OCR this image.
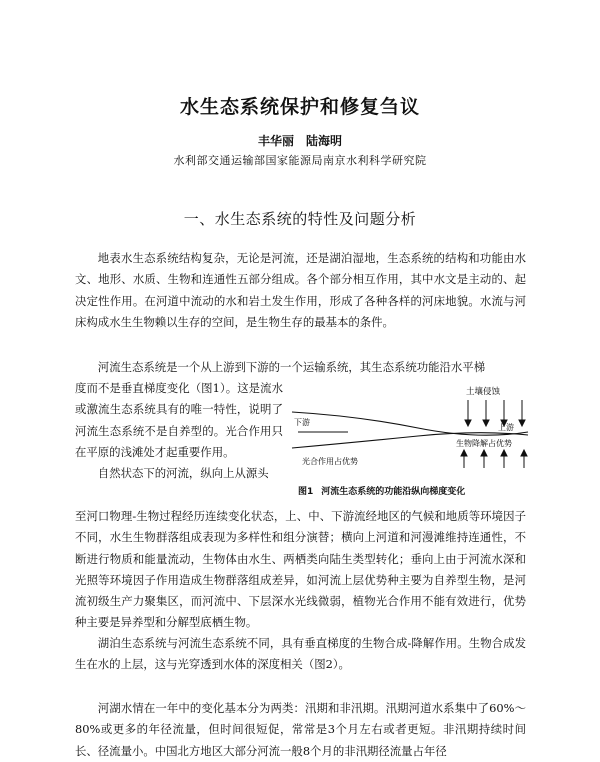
水生态系统保护和修复刍议
丰华丽　陆海明
水利部交通运输部国家能源局南京水利科学研究院
一、水生态系统的特性及问题分析

地表水生态系统结构复杂，无论是河流，还是湖泊湿地，生态系统的结构和功能由水文、地形、水质、生物和连通性五部分组成。各个部分相互作用，其中水文是主动的、起决定性作用。在河道中流动的水和岩土发生作用，形成了各种各样的河床地貌。水流与河床构成水生生物赖以生存的空间，是生物生存的最基本的条件。

河流生态系统是一个从上游到下游的一个运输系统，其生态系统功能沿水平梯

度而不是垂直梯度变化（图1）。这是流水或激流生态系统具有的唯一特性，说明了河流生态系统不是自养型的。光合作用只在平原的浅滩处才起重要作用。
自然状态下的河流，纵向上从源头

至河口物理-生物过程经历连续变化状态，上、中、下游流经地区的气候和地质等环境因子不同，水生生物群落组成表现为多样性和组分演替；横向上河道和河漫滩维持连通性，不断进行物质和能量流动，生物体由水生、两栖类向陆生类型转化；垂向上由于河流水深和光照等环境因子作用造成生物群落组成差异，如河流上层优势种主要为自养型生物，是河流初级生产力聚集区，而河流中、下层深水光线微弱，植物光合作用不能有效进行，优势种主要是异养型和分解型底栖生物。

土壤侵蚀
下游
上游
生物降解占优势
光合作用占优势
图1 河流生态系统的功能沿纵向梯度变化

湖泊生态系统与河流生态系统不同，具有垂直梯度的生物合成-降解作用。生物合成发生在水的上层，这与光穿透到水体的深度相关（图2）。

河湖水情在一年中的变化基本分为两类：汛期和非汛期。汛期河道水系集中了60%～80%或更多的年径流量，但时间很短促，常常是3个月左右或者更短。非汛期持续时间长、径流量小。中国北方地区大部分河流一般8个月的非汛期径流量占年径
